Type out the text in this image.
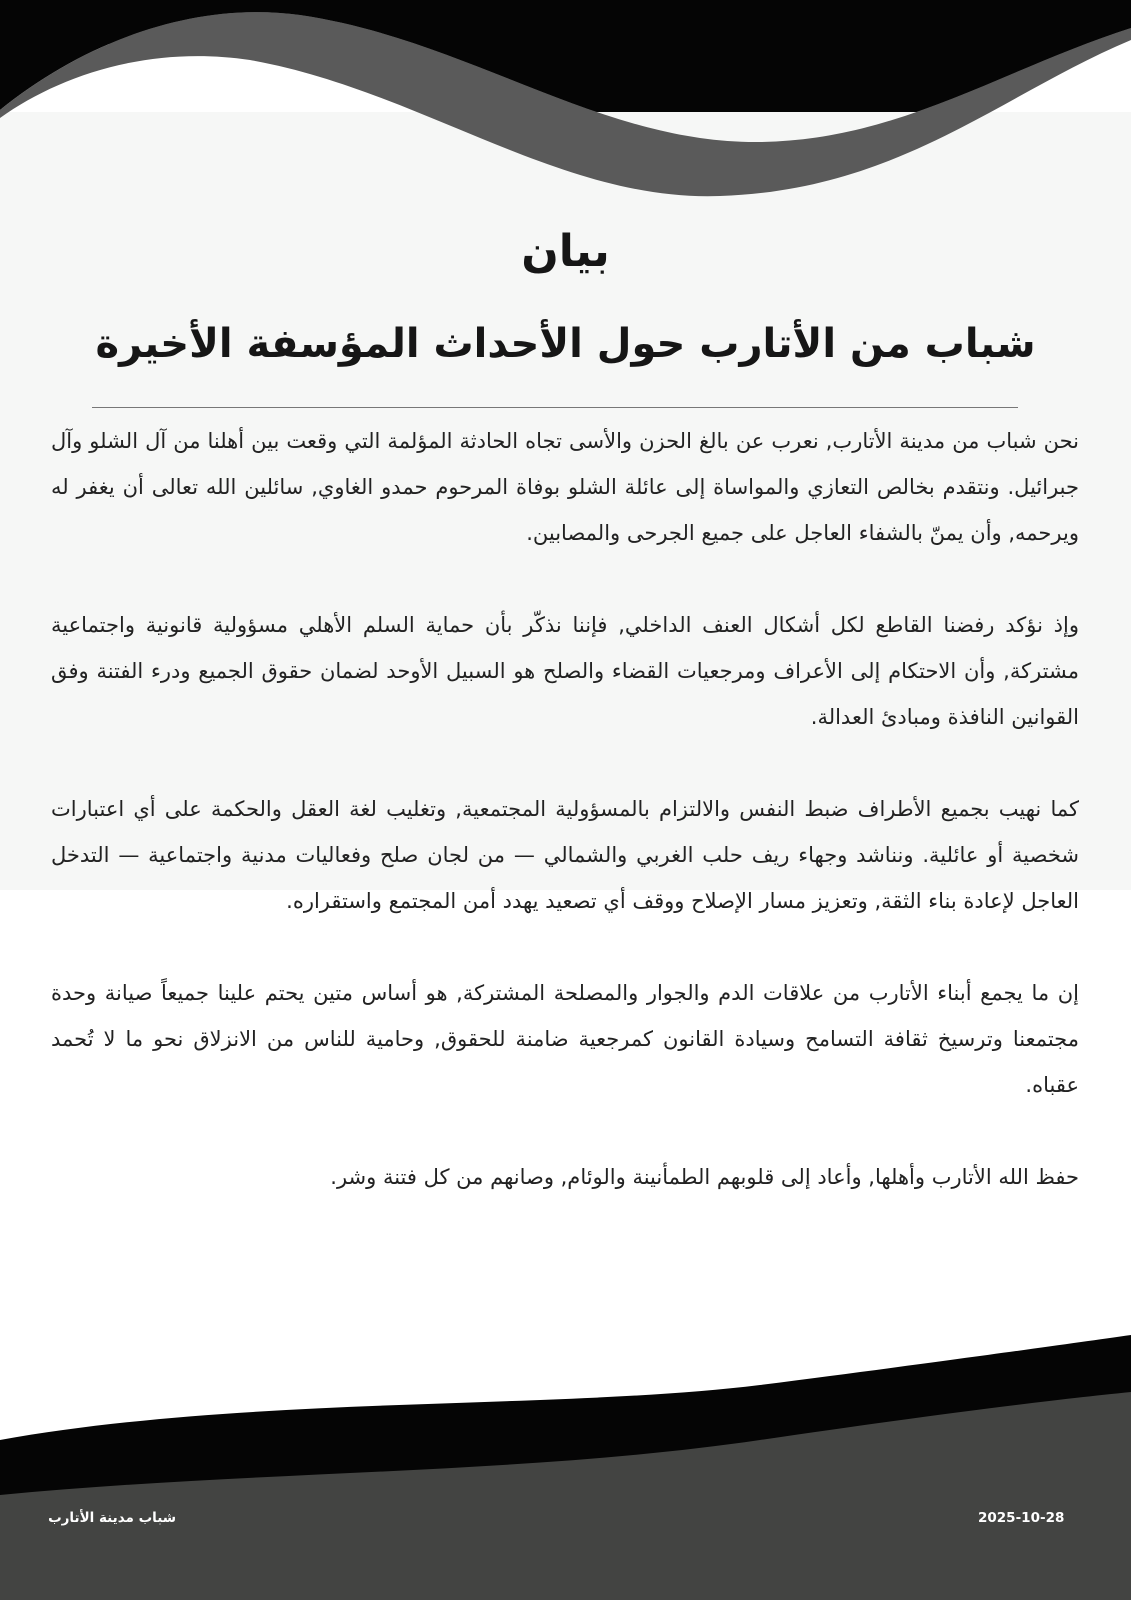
بيان
شباب من الأتارب حول الأحداث المؤسفة الأخيرة

نحن شباب من مدينة الأتارب, نعرب عن بالغ الحزن والأسى تجاه الحادثة المؤلمة التي وقعت بين أهلنا من آل الشلو وآل جبرائيل. ونتقدم بخالص التعازي والمواساة إلى عائلة الشلو بوفاة المرحوم حمدو الغاوي, سائلين الله تعالى أن يغفر له ويرحمه, وأن يمنّ بالشفاء العاجل على جميع الجرحى والمصابين.

وإذ نؤكد رفضنا القاطع لكل أشكال العنف الداخلي, فإننا نذكّر بأن حماية السلم الأهلي مسؤولية قانونية واجتماعية مشتركة, وأن الاحتكام إلى الأعراف ومرجعيات القضاء والصلح هو السبيل الأوحد لضمان حقوق الجميع ودرء الفتنة وفق القوانين النافذة ومبادئ العدالة.

كما نهيب بجميع الأطراف ضبط النفس والالتزام بالمسؤولية المجتمعية, وتغليب لغة العقل والحكمة على أي اعتبارات شخصية أو عائلية. ونناشد وجهاء ريف حلب الغربي والشمالي — من لجان صلح وفعاليات مدنية واجتماعية — التدخل العاجل لإعادة بناء الثقة, وتعزيز مسار الإصلاح ووقف أي تصعيد يهدد أمن المجتمع واستقراره.

إن ما يجمع أبناء الأتارب من علاقات الدم والجوار والمصلحة المشتركة, هو أساس متين يحتم علينا جميعاً صيانة وحدة مجتمعنا وترسيخ ثقافة التسامح وسيادة القانون كمرجعية ضامنة للحقوق, وحامية للناس من الانزلاق نحو ما لا تُحمد عقباه.

حفظ الله الأتارب وأهلها, وأعاد إلى قلوبهم الطمأنينة والوئام, وصانهم من كل فتنة وشر.

شباب مدينة الأتارب	2025-10-28
